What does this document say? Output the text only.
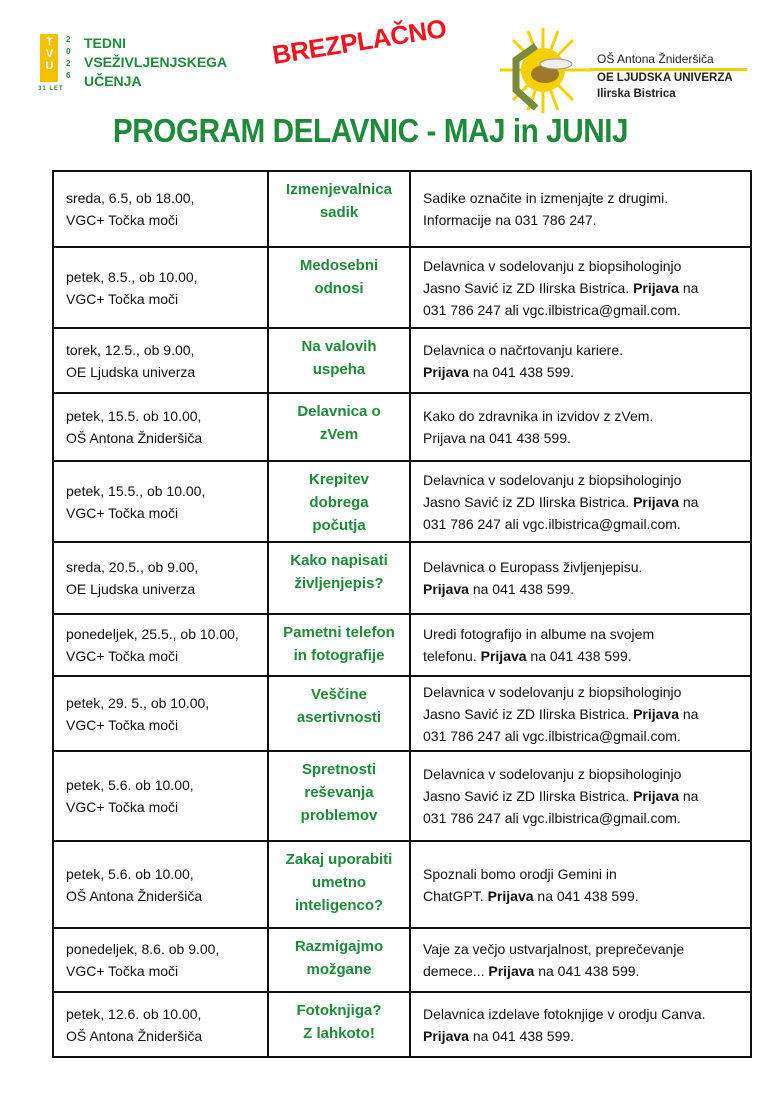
TVU	2
0
2
6
TEDNI
VSEŽIVLJENJSKEGA
UČENJA
31 LET
BREZPLAČNO	OŠ Antona Žnideršiča
OE LJUDSKA UNIVERZA
Ilirska Bistrica
PROGRAM DELAVNIC - MAJ in JUNIJ
sreda, 6.5, ob 18.00,
VGC+ Točka moči	Izmenjevalnica
sadik	Sadike označite in izmenjajte z drugimi.
Informacije na 031 786 247.

petek, 8.5., ob 10.00,
VGC+ Točka moči	Medosebni
odnosi	Delavnica v sodelovanju z biopsihologinjo
Jasno Savić iz ZD Ilirska Bistrica. Prijava na
031 786 247 ali vgc.ilbistrica@gmail.com.

torek, 12.5., ob 9.00,
OE Ljudska univerza	Na valovih
uspeha	Delavnica o načrtovanju kariere.
Prijava na 041 438 599.

petek, 15.5. ob 10.00,
OŠ Antona Žnideršiča	Delavnica o
zVem	Kako do zdravnika in izvidov z zVem.
Prijava na 041 438 599.

petek, 15.5., ob 10.00,
VGC+ Točka moči	Krepitev
dobrega
počutja	Delavnica v sodelovanju z biopsihologinjo
Jasno Savić iz ZD Ilirska Bistrica. Prijava na
031 786 247 ali vgc.ilbistrica@gmail.com.

sreda, 20.5., ob 9.00,
OE Ljudska univerza	Kako napisati
življenjepis?	Delavnica o Europass življenjepisu.
Prijava na 041 438 599.

ponedeljek, 25.5., ob 10.00,
VGC+ Točka moči	Pametni telefon
in fotografije	Uredi fotografijo in albume na svojem
telefonu. Prijava na 041 438 599.

petek, 29. 5., ob 10.00,
VGC+ Točka moči	Veščine
asertivnosti	Delavnica v sodelovanju z biopsihologinjo
Jasno Savić iz ZD Ilirska Bistrica. Prijava na
031 786 247 ali vgc.ilbistrica@gmail.com.

petek, 5.6. ob 10.00,
VGC+ Točka moči	Spretnosti
reševanja
problemov	Delavnica v sodelovanju z biopsihologinjo
Jasno Savić iz ZD Ilirska Bistrica. Prijava na
031 786 247 ali vgc.ilbistrica@gmail.com.

petek, 5.6. ob 10.00,
OŠ Antona Žnideršiča	Zakaj uporabiti
umetno
inteligenco?	Spoznali bomo orodji Gemini in
ChatGPT. Prijava na 041 438 599.

ponedeljek, 8.6. ob 9.00,
VGC+ Točka moči	Razmigajmo
možgane	Vaje za večjo ustvarjalnost, preprečevanje
demece... Prijava na 041 438 599.

petek, 12.6. ob 10.00,
OŠ Antona Žnideršiča	Fotoknjiga?
Z lahkoto!	Delavnica izdelave fotoknjige v orodju Canva.
Prijava na 041 438 599.
